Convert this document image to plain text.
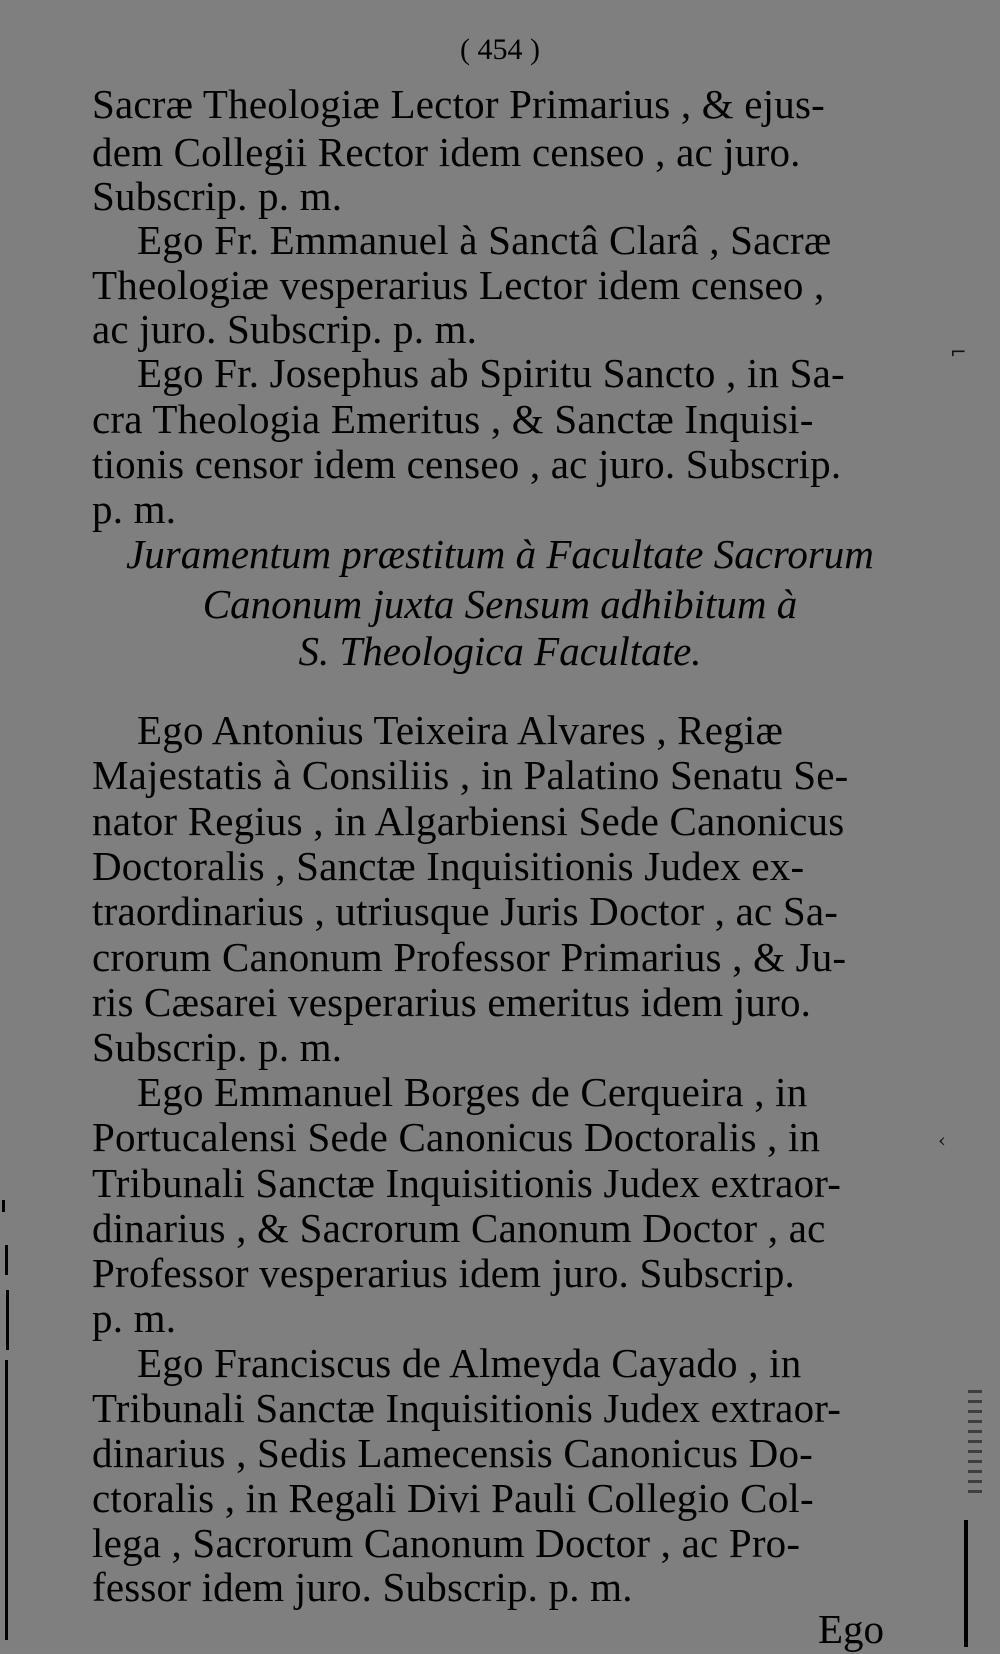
( 454 )
Sacræ Theologiæ Lector Primarius , & ejus-
dem Collegii Rector idem censeo , ac juro.
Subscrip. p. m.
Ego Fr. Emmanuel à Sanctâ Clarâ , Sacræ
Theologiæ vesperarius Lector idem censeo ,
ac juro. Subscrip. p. m.
Ego Fr. Josephus ab Spiritu Sancto , in Sa-
cra Theologia Emeritus , & Sanctæ Inquisi-
tionis censor idem censeo , ac juro. Subscrip.
p. m.
Juramentum præstitum à Facultate Sacrorum
Canonum juxta Sensum adhibitum à
S. Theologica Facultate.
Ego Antonius Teixeira Alvares , Regiæ
Majestatis à Consiliis , in Palatino Senatu Se-
nator Regius , in Algarbiensi Sede Canonicus
Doctoralis , Sanctæ Inquisitionis Judex ex-
traordinarius , utriusque Juris Doctor , ac Sa-
crorum Canonum Professor Primarius , & Ju-
ris Cæsarei vesperarius emeritus idem juro.
Subscrip. p. m.
Ego Emmanuel Borges de Cerqueira , in
Portucalensi Sede Canonicus Doctoralis , in
Tribunali Sanctæ Inquisitionis Judex extraor-
dinarius , & Sacrorum Canonum Doctor , ac
Professor vesperarius idem juro. Subscrip.
p. m.
Ego Franciscus de Almeyda Cayado , in
Tribunali Sanctæ Inquisitionis Judex extraor-
dinarius , Sedis Lamecensis Canonicus Do-
ctoralis , in Regali Divi Pauli Collegio Col-
lega , Sacrorum Canonum Doctor , ac Pro-
fessor idem juro. Subscrip. p. m.
Ego
⌐
‹
